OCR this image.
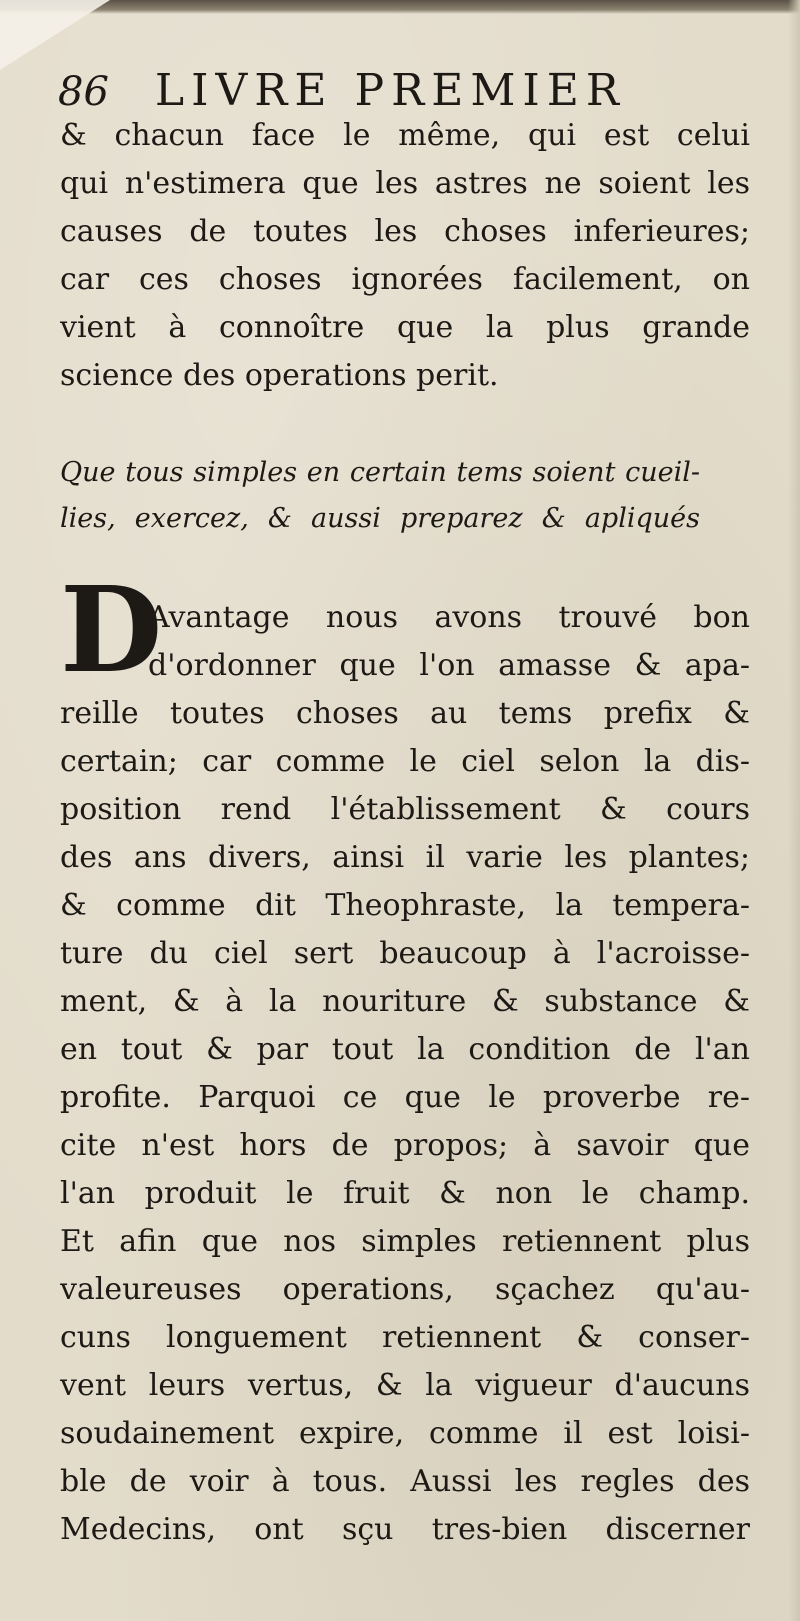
86 LIVRE PREMIER
& chacun face le même, qui est celui
qui n'estimera que les astres ne soient les
causes de toutes les choses inferieures;
car ces choses ignorées facilement, on
vient à connoître que la plus grande
science des operations perit.
Que tous simples en certain tems soient cueil-
lies, exercez, & aussi preparez & apliqués
D
Avantage nous avons trouvé bon
d'ordonner que l'on amasse & apa-
reille toutes choses au tems prefix &
certain; car comme le ciel selon la dis-
position rend l'établissement & cours
des ans divers, ainsi il varie les plantes;
& comme dit Theophraste, la tempera-
ture du ciel sert beaucoup à l'acroisse-
ment, & à la nouriture & substance &
en tout & par tout la condition de l'an
profite. Parquoi ce que le proverbe re-
cite n'est hors de propos; à savoir que
l'an produit le fruit & non le champ.
Et afin que nos simples retiennent plus
valeureuses operations, sçachez qu'au-
cuns longuement retiennent & conser-
vent leurs vertus, & la vigueur d'aucuns
soudainement expire, comme il est loisi-
ble de voir à tous. Aussi les regles des
Medecins, ont sçu tres-bien discerner
